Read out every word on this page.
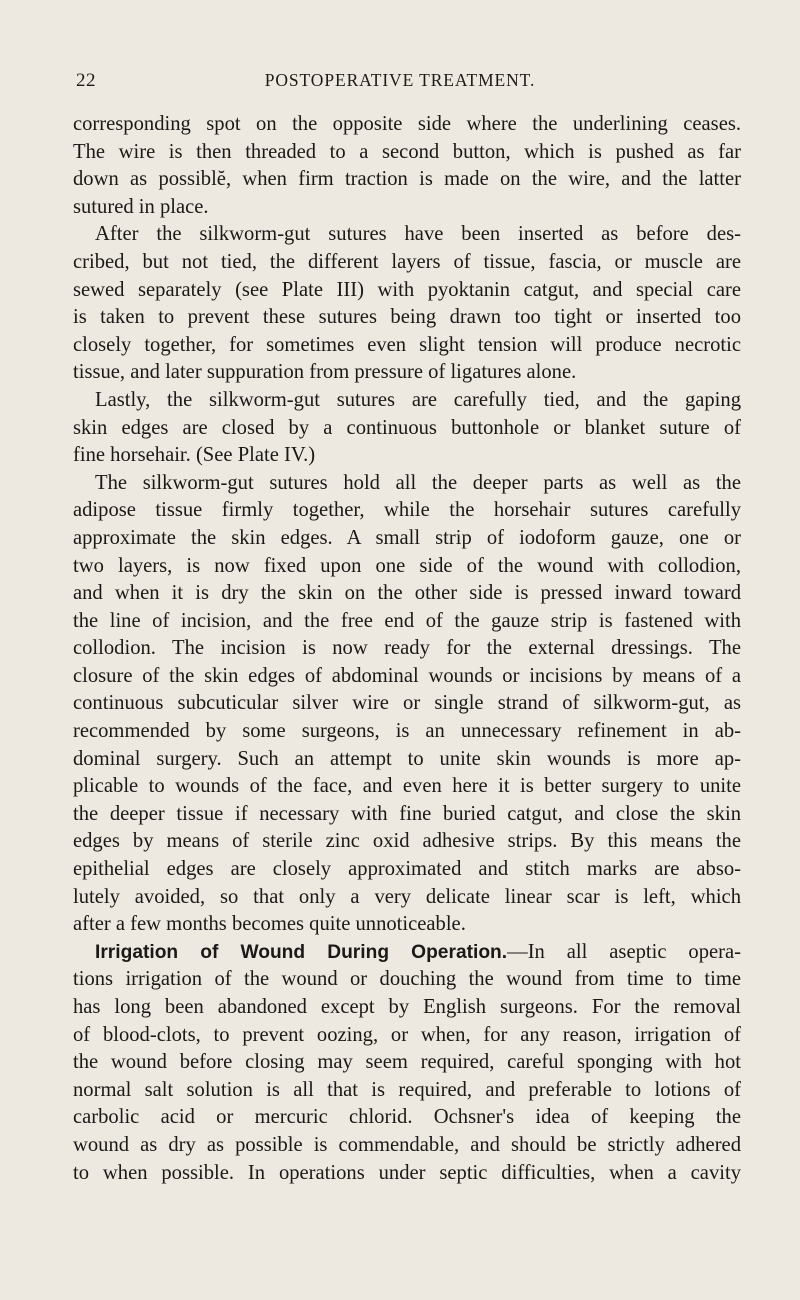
22	POSTOPERATIVE TREATMENT.
corresponding spot on the opposite side where the underlining ceases.
The wire is then threaded to a second button, which is pushed as far
down as possiblĕ, when firm traction is made on the wire, and the latter
sutured in place.
After the silkworm-gut sutures have been inserted as before des-
cribed, but not tied, the different layers of tissue, fascia, or muscle are
sewed separately (see Plate III) with pyoktanin catgut, and special care
is taken to prevent these sutures being drawn too tight or inserted too
closely together, for sometimes even slight tension will produce necrotic
tissue, and later suppuration from pressure of ligatures alone.
Lastly, the silkworm-gut sutures are carefully tied, and the gaping
skin edges are closed by a continuous buttonhole or blanket suture of
fine horsehair. (See Plate IV.)
The silkworm-gut sutures hold all the deeper parts as well as the
adipose tissue firmly together, while the horsehair sutures carefully
approximate the skin edges. A small strip of iodoform gauze, one or
two layers, is now fixed upon one side of the wound with collodion,
and when it is dry the skin on the other side is pressed inward toward
the line of incision, and the free end of the gauze strip is fastened with
collodion. The incision is now ready for the external dressings. The
closure of the skin edges of abdominal wounds or incisions by means of a
continuous subcuticular silver wire or single strand of silkworm-gut, as
recommended by some surgeons, is an unnecessary refinement in ab-
dominal surgery. Such an attempt to unite skin wounds is more ap-
plicable to wounds of the face, and even here it is better surgery to unite
the deeper tissue if necessary with fine buried catgut, and close the skin
edges by means of sterile zinc oxid adhesive strips. By this means the
epithelial edges are closely approximated and stitch marks are abso-
lutely avoided, so that only a very delicate linear scar is left, which
after a few months becomes quite unnoticeable.
Irrigation of Wound During Operation.—In all aseptic opera-
tions irrigation of the wound or douching the wound from time to time
has long been abandoned except by English surgeons. For the removal
of blood-clots, to prevent oozing, or when, for any reason, irrigation of
the wound before closing may seem required, careful sponging with hot
normal salt solution is all that is required, and preferable to lotions of
carbolic acid or mercuric chlorid. Ochsner's idea of keeping the
wound as dry as possible is commendable, and should be strictly adhered
to when possible. In operations under septic difficulties, when a cavity
